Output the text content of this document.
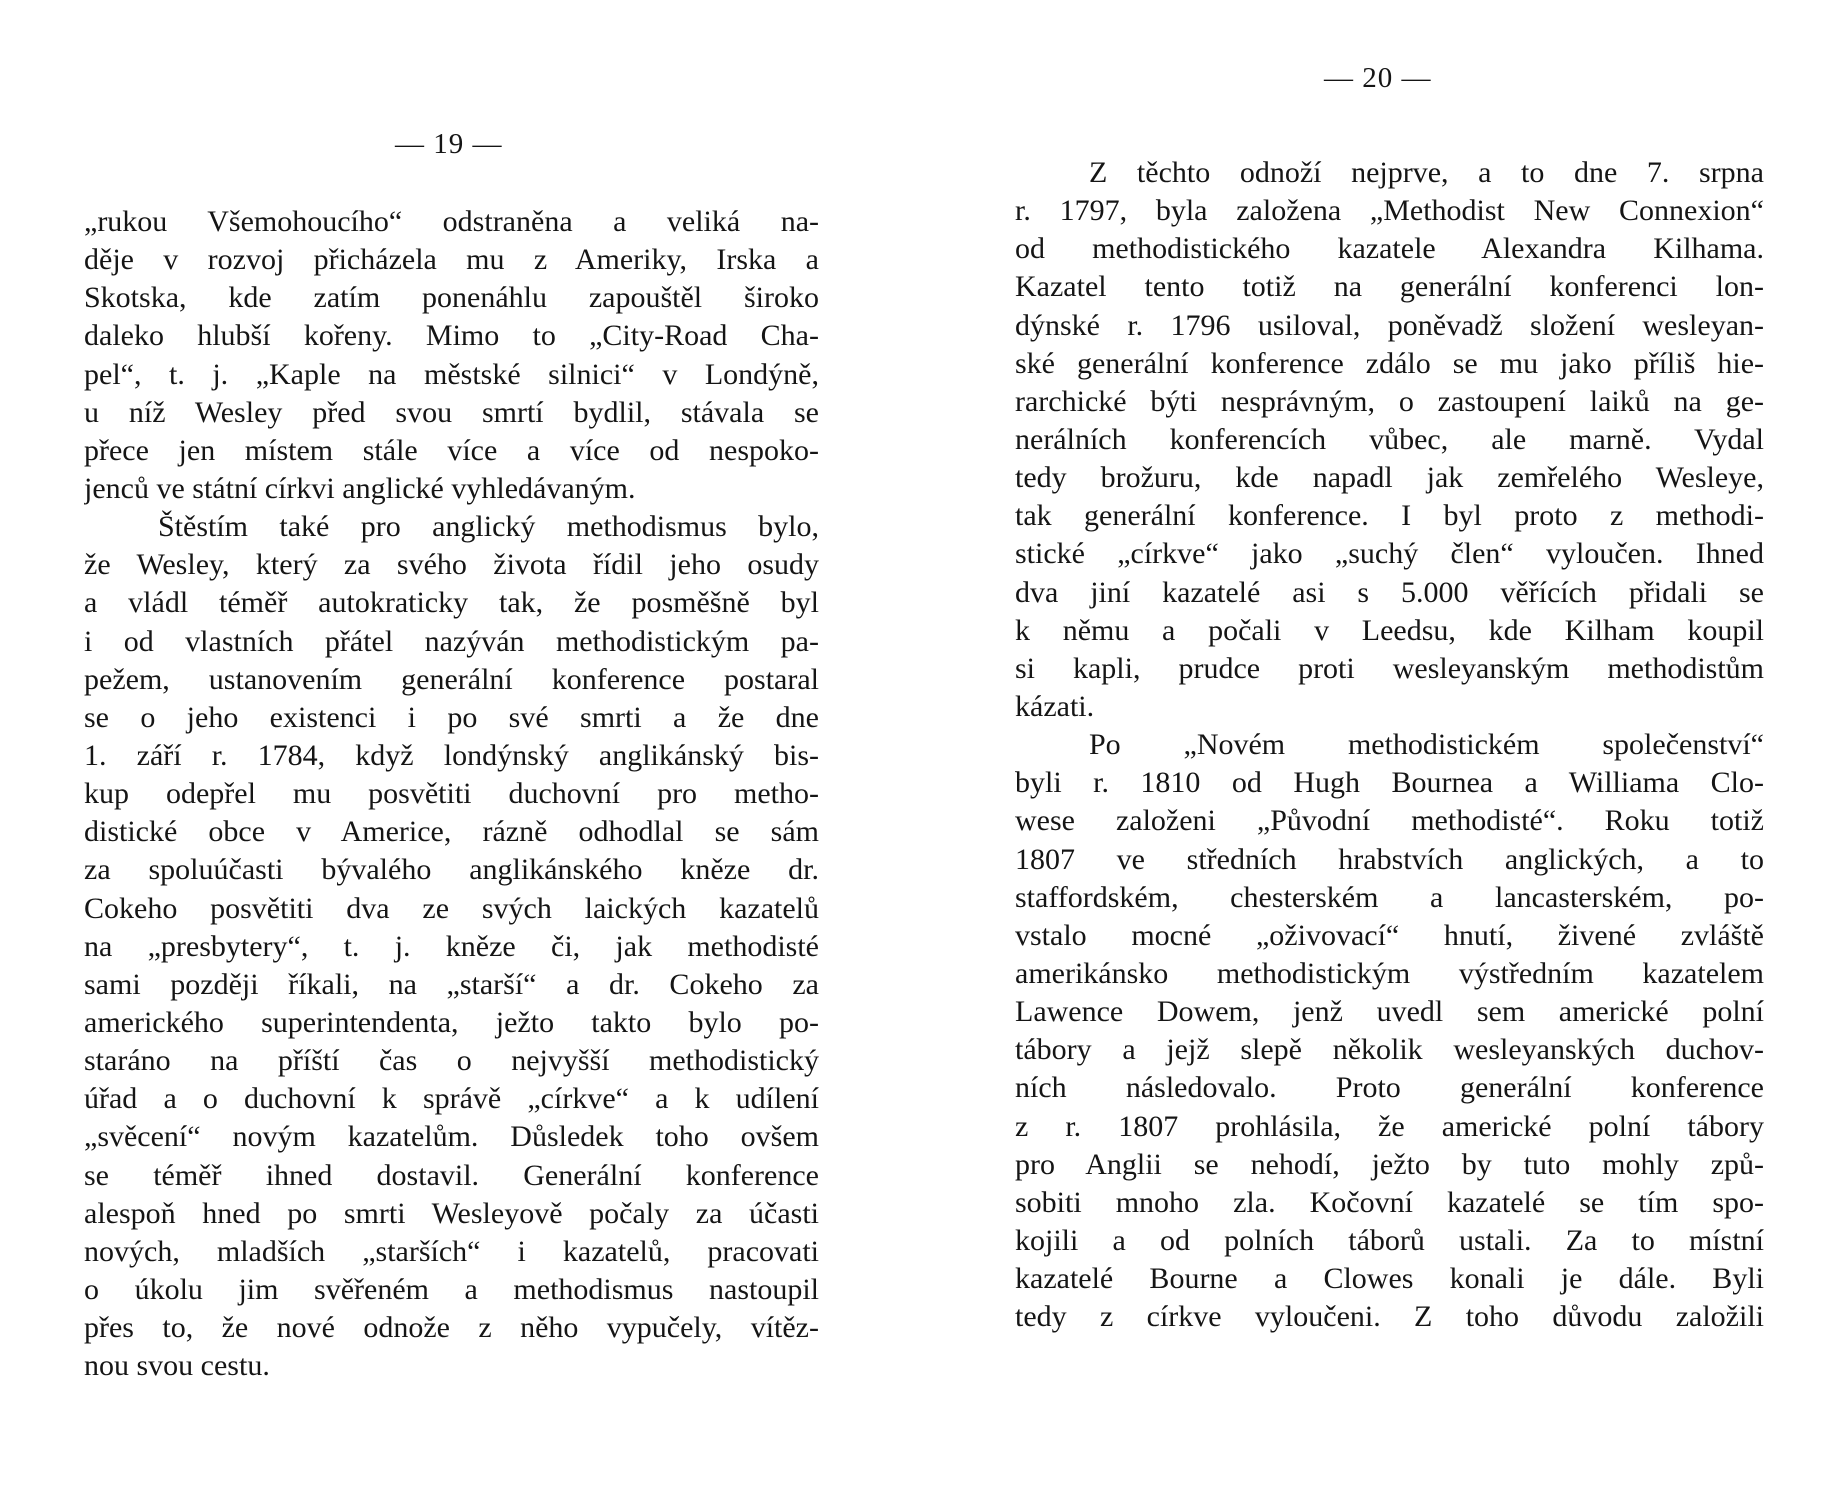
— 19 —
„rukou Všemohoucího“ odstraněna a veliká na-
děje v rozvoj přicházela mu z Ameriky, Irska a
Skotska, kde zatím ponenáhlu zapouštěl široko
daleko hlubší kořeny. Mimo to „City-Road Cha-
pel“, t. j. „Kaple na městské silnici“ v Londýně,
u níž Wesley před svou smrtí bydlil, stávala se
přece jen místem stále více a více od nespoko-
jenců ve státní církvi anglické vyhledávaným.
Štěstím také pro anglický methodismus bylo,
že Wesley, který za svého života řídil jeho osudy
a vládl téměř autokraticky tak, že posměšně byl
i od vlastních přátel nazýván methodistickým pa-
pežem, ustanovením generální konference postaral
se o jeho existenci i po své smrti a že dne
1. září r. 1784, když londýnský anglikánský bis-
kup odepřel mu posvětiti duchovní pro metho-
distické obce v Americe, rázně odhodlal se sám
za spoluúčasti bývalého anglikánského kněze dr.
Cokeho posvětiti dva ze svých laických kazatelů
na „presbytery“, t. j. kněze či, jak methodisté
sami později říkali, na „starší“ a dr. Cokeho za
amerického superintendenta, ježto takto bylo po-
staráno na příští čas o nejvyšší methodistický
úřad a o duchovní k správě „církve“ a k udílení
„svěcení“ novým kazatelům. Důsledek toho ovšem
se téměř ihned dostavil. Generální konference
alespoň hned po smrti Wesleyově počaly za účasti
nových, mladších „starších“ i kazatelů, pracovati
o úkolu jim svěřeném a methodismus nastoupil
přes to, že nové odnože z něho vypučely, vítěz-
nou svou cestu.
— 20 —
Z těchto odnoží nejprve, a to dne 7. srpna
r. 1797, byla založena „Methodist New Connexion“
od methodistického kazatele Alexandra Kilhama.
Kazatel tento totiž na generální konferenci lon-
dýnské r. 1796 usiloval, poněvadž složení wesleyan-
ské generální konference zdálo se mu jako příliš hie-
rarchické býti nesprávným, o zastoupení laiků na ge-
nerálních konferencích vůbec, ale marně. Vydal
tedy brožuru, kde napadl jak zemřelého Wesleye,
tak generální konference. I byl proto z methodi-
stické „církve“ jako „suchý člen“ vyloučen. Ihned
dva jiní kazatelé asi s 5.000 věřících přidali se
k němu a počali v Leedsu, kde Kilham koupil
si kapli, prudce proti wesleyanským methodistům
kázati.
Po „Novém methodistickém společenství“
byli r. 1810 od Hugh Bournea a Williama Clo-
wese založeni „Původní methodisté“. Roku totiž
1807 ve středních hrabstvích anglických, a to
staffordském, chesterském a lancasterském, po-
vstalo mocné „oživovací“ hnutí, živené zvláště
amerikánsko methodistickým výstředním kazatelem
Lawence Dowem, jenž uvedl sem americké polní
tábory a jejž slepě několik wesleyanských duchov-
ních následovalo. Proto generální konference
z r. 1807 prohlásila, že americké polní tábory
pro Anglii se nehodí, ježto by tuto mohly způ-
sobiti mnoho zla. Kočovní kazatelé se tím spo-
kojili a od polních táborů ustali. Za to místní
kazatelé Bourne a Clowes konali je dále. Byli
tedy z církve vyloučeni. Z toho důvodu založili
